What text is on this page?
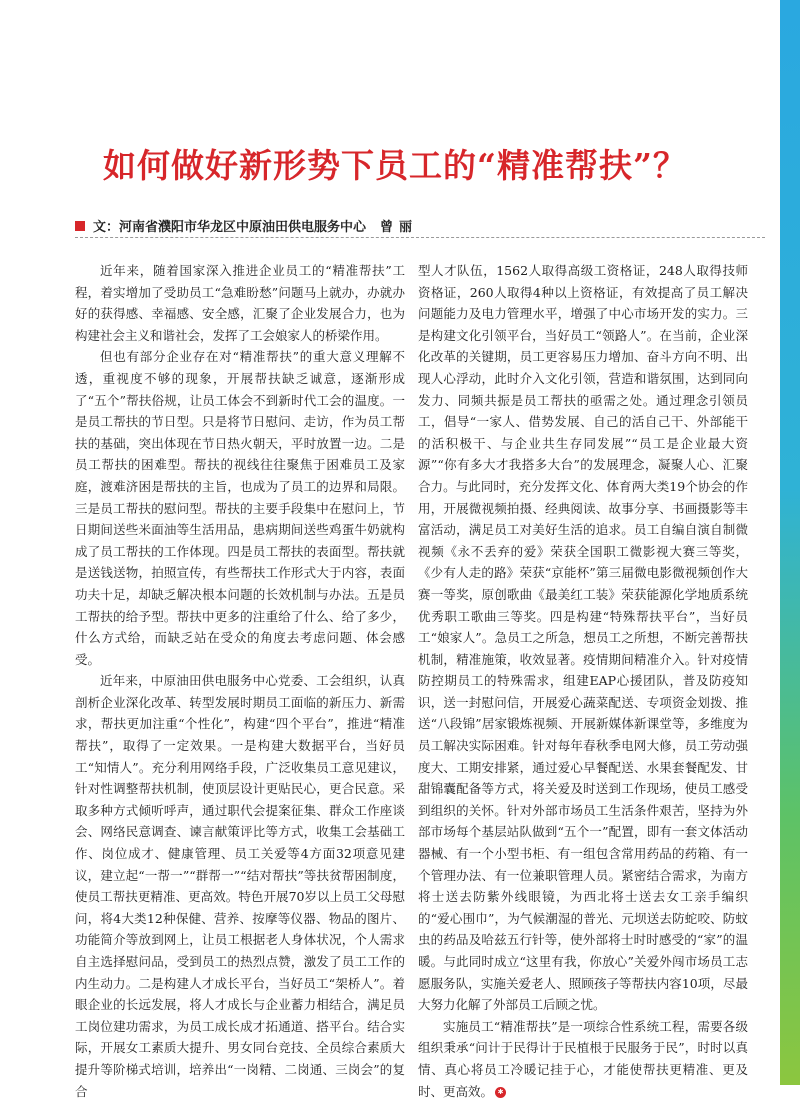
如何做好新形势下员工的“精准帮扶”？
文：河南省濮阳市华龙区中原油田供电服务中心 曾丽

近年来，随着国家深入推进企业员工的“精准帮扶”工程，着实增加了受助员工“急难盼愁”问题马上就办，办就办好的获得感、幸福感、安全感，汇聚了企业发展合力，也为构建社会主义和谐社会，发挥了工会娘家人的桥梁作用。

但也有部分企业存在对“精准帮扶”的重大意义理解不透，重视度不够的现象，开展帮扶缺乏诚意，逐渐形成了“五个”帮扶俗规，让员工体会不到新时代工会的温度。一是员工帮扶的节日型。只是将节日慰问、走访，作为员工帮扶的基础，突出体现在节日热火朝天，平时放置一边。二是员工帮扶的困难型。帮扶的视线往往聚焦于困难员工及家庭，渡难济困是帮扶的主旨，也成为了员工的边界和局限。三是员工帮扶的慰问型。帮扶的主要手段集中在慰问上，节日期间送些米面油等生活用品，患病期间送些鸡蛋牛奶就构成了员工帮扶的工作体现。四是员工帮扶的表面型。帮扶就是送钱送物，拍照宣传，有些帮扶工作形式大于内容，表面功夫十足，却缺乏解决根本问题的长效机制与办法。五是员工帮扶的给予型。帮扶中更多的注重给了什么、给了多少，什么方式给，而缺乏站在受众的角度去考虑问题、体会感受。

近年来，中原油田供电服务中心党委、工会组织，认真剖析企业深化改革、转型发展时期员工面临的新压力、新需求，帮扶更加注重“个性化”，构建“四个平台”，推进“精准帮扶”，取得了一定效果。一是构建大数据平台，当好员工“知情人”。充分利用网络手段，广泛收集员工意见建议，针对性调整帮扶机制，使顶层设计更贴民心，更合民意。采取多种方式倾听呼声，通过职代会提案征集、群众工作座谈会、网络民意调查、谏言献策评比等方式，收集工会基础工作、岗位成才、健康管理、员工关爱等4方面32项意见建议，建立起“一帮一”“群帮一”“结对帮扶”等扶贫帮困制度，使员工帮扶更精准、更高效。特色开展70岁以上员工父母慰问，将4大类12种保健、营养、按摩等仪器、物品的图片、功能简介等放到网上，让员工根据老人身体状况，个人需求自主选择慰问品，受到员工的热烈点赞，激发了员工工作的内生动力。二是构建人才成长平台，当好员工“架桥人”。着眼企业的长远发展，将人才成长与企业蓄力相结合，满足员工岗位建功需求，为员工成长成才拓通道、搭平台。结合实际，开展女工素质大提升、男女同台竞技、全员综合素质大提升等阶梯式培训，培养出“一岗精、二岗通、三岗会”的复合

型人才队伍，1562人取得高级工资格证，248人取得技师资格证，260人取得4种以上资格证，有效提高了员工解决问题能力及电力管理水平，增强了中心市场开发的实力。三是构建文化引领平台，当好员工“领路人”。在当前，企业深化改革的关键期，员工更容易压力增加、奋斗方向不明、出现人心浮动，此时介入文化引领，营造和谐氛围，达到同向发力、同频共振是员工帮扶的亟需之处。通过理念引领员工，倡导“一家人、借势发展、自己的活自己干、外部能干的活积极干、与企业共生存同发展”“员工是企业最大资源”“你有多大才我搭多大台”的发展理念，凝聚人心、汇聚合力。与此同时，充分发挥文化、体育两大类19个协会的作用，开展微视频拍摄、经典阅读、故事分享、书画摄影等丰富活动，满足员工对美好生活的追求。员工自编自演自制微视频《永不丢弃的爱》荣获全国职工微影视大赛三等奖，《少有人走的路》荣获“京能杯”第三届微电影微视频创作大赛一等奖，原创歌曲《最美红工装》荣获能源化学地质系统优秀职工歌曲三等奖。四是构建“特殊帮扶平台”，当好员工“娘家人”。急员工之所急，想员工之所想，不断完善帮扶机制，精准施策，收效显著。疫情期间精准介入。针对疫情防控期员工的特殊需求，组建EAP心援团队，普及防疫知识，送一封慰问信，开展爱心蔬菜配送、专项资金划拨、推送“八段锦”居家锻炼视频、开展新媒体新课堂等，多维度为员工解决实际困难。针对每年春秋季电网大修，员工劳动强度大、工期安排紧，通过爱心早餐配送、水果套餐配发、甘甜锦囊配备等方式，将关爱及时送到工作现场，使员工感受到组织的关怀。针对外部市场员工生活条件艰苦，坚持为外部市场每个基层站队做到“五个一”配置，即有一套文体活动器械、有一个小型书柜、有一组包含常用药品的药箱、有一个管理办法、有一位兼职管理人员。紧密结合需求，为南方将士送去防紫外线眼镜，为西北将士送去女工亲手编织的“爱心围巾”，为气候潮湿的普光、元坝送去防蛇咬、防蚊虫的药品及哈兹五行针等，使外部将士时时感受的“家”的温暖。与此同时成立“这里有我，你放心”关爱外闯市场员工志愿服务队，实施关爱老人、照顾孩子等帮扶内容10项，尽最大努力化解了外部员工后顾之忧。

实施员工“精准帮扶”是一项综合性系统工程，需要各级组织秉承“问计于民得计于民植根于民服务于民”，时时以真情、真心将员工冷暖记挂于心，才能使帮扶更精准、更及时、更高效。 ✱
